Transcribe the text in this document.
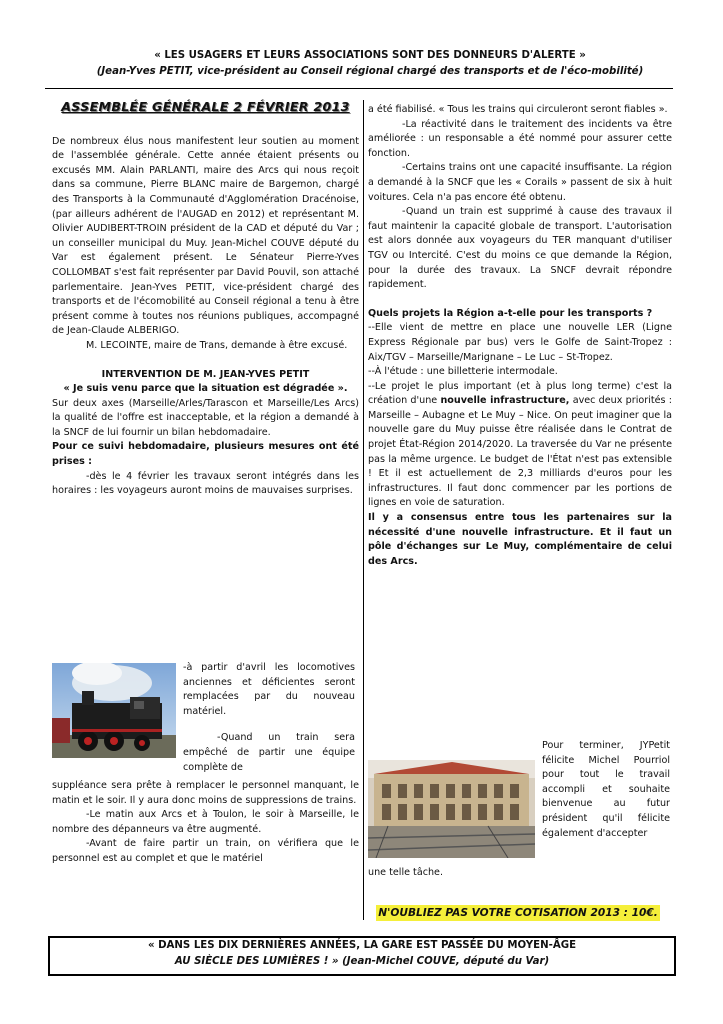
« LES USAGERS ET LEURS ASSOCIATIONS SONT DES DONNEURS D'ALERTE »
(Jean-Yves PETIT, vice-président au Conseil régional chargé des transports et de l'éco-mobilité)
ASSEMBLÉE GÉNÉRALE 2 FÉVRIER 2013

De nombreux élus nous manifestent leur soutien au moment de l'assemblée générale. Cette année étaient présents ou excusés MM. Alain PARLANTI, maire des Arcs qui nous reçoit dans sa commune, Pierre BLANC maire de Bargemon, chargé des Transports à la Communauté d'Agglomération Dracénoise, (par ailleurs adhérent de l'AUGAD en 2012) et représentant M. Olivier AUDIBERT-TROIN président de la CAD et député du Var ; un conseiller municipal du Muy. Jean-Michel COUVE député du Var est également présent. Le Sénateur Pierre-Yves COLLOMBAT s'est fait représenter par David Pouvil, son attaché parlementaire. Jean-Yves PETIT, vice-président chargé des transports et de l'écomobilité au Conseil régional a tenu à être présent comme à toutes nos réunions publiques, accompagné de Jean-Claude ALBERIGO.

M. LECOINTE, maire de Trans, demande à être excusé.

INTERVENTION DE M. JEAN-YVES PETIT

« Je suis venu parce que la situation est dégradée ».

Sur deux axes (Marseille/Arles/Tarascon et Marseille/Les Arcs) la qualité de l'offre est inacceptable, et la région a demandé à la SNCF de lui fournir un bilan hebdomadaire.

Pour ce suivi hebdomadaire, plusieurs mesures ont été prises :

-dès le 4 février les travaux seront intégrés dans les horaires : les voyageurs auront moins de mauvaises surprises.

-à partir d'avril les locomotives anciennes et déficientes seront remplacées par du nouveau matériel.

-Quand un train sera empêché de partir une équipe complète de

suppléance sera prête à remplacer le personnel manquant, le matin et le soir. Il y aura donc moins de suppressions de trains.

-Le matin aux Arcs et à Toulon, le soir à Marseille, le nombre des dépanneurs va être augmenté.

-Avant de faire partir un train, on vérifiera que le personnel est au complet et que le matériel

a été fiabilisé. « Tous les trains qui circuleront seront fiables ».

-La réactivité dans le traitement des incidents va être améliorée : un responsable a été nommé pour assurer cette fonction.

-Certains trains ont une capacité insuffisante. La région a demandé à la SNCF que les « Corails » passent de six à huit voitures. Cela n'a pas encore été obtenu.

-Quand un train est supprimé à cause des travaux il faut maintenir la capacité globale de transport. L'autorisation est alors donnée aux voyageurs du TER manquant d'utiliser TGV ou Intercité. C'est du moins ce que demande la Région, pour la durée des travaux. La SNCF devrait répondre rapidement.

Quels projets la Région a-t-elle pour les transports ?

--Elle vient de mettre en place une nouvelle LER (Ligne Express Régionale par bus) vers le Golfe de Saint-Tropez : Aix/TGV – Marseille/Marignane – Le Luc – St-Tropez.

--À l'étude : une billetterie intermodale.

--Le projet le plus important (et à plus long terme) c'est la création d'une nouvelle infrastructure, avec deux priorités : Marseille – Aubagne et Le Muy – Nice. On peut imaginer que la nouvelle gare du Muy puisse être réalisée dans le Contrat de projet État-Région 2014/2020. La traversée du Var ne présente pas la même urgence. Le budget de l'État n'est pas extensible ! Et il est actuellement de 2,3 milliards d'euros pour les infrastructures. Il faut donc commencer par les portions de lignes en voie de saturation.

Il y a consensus entre tous les partenaires sur la nécessité d'une nouvelle infrastructure. Et il faut un pôle d'échanges sur Le Muy, complémentaire de celui des Arcs.

Pour terminer, JYPetit félicite Michel Pourriol pour tout le travail accompli et souhaite bienvenue au futur président qu'il félicite également d'accepter

une telle tâche.

N'OUBLIEZ PAS VOTRE COTISATION 2013 : 10€.
« DANS LES DIX DERNIÈRES ANNÉES, LA GARE EST PASSÉE DU MOYEN-ÂGE
AU SIÈCLE DES LUMIÈRES ! » (Jean-Michel COUVE, député du Var)
